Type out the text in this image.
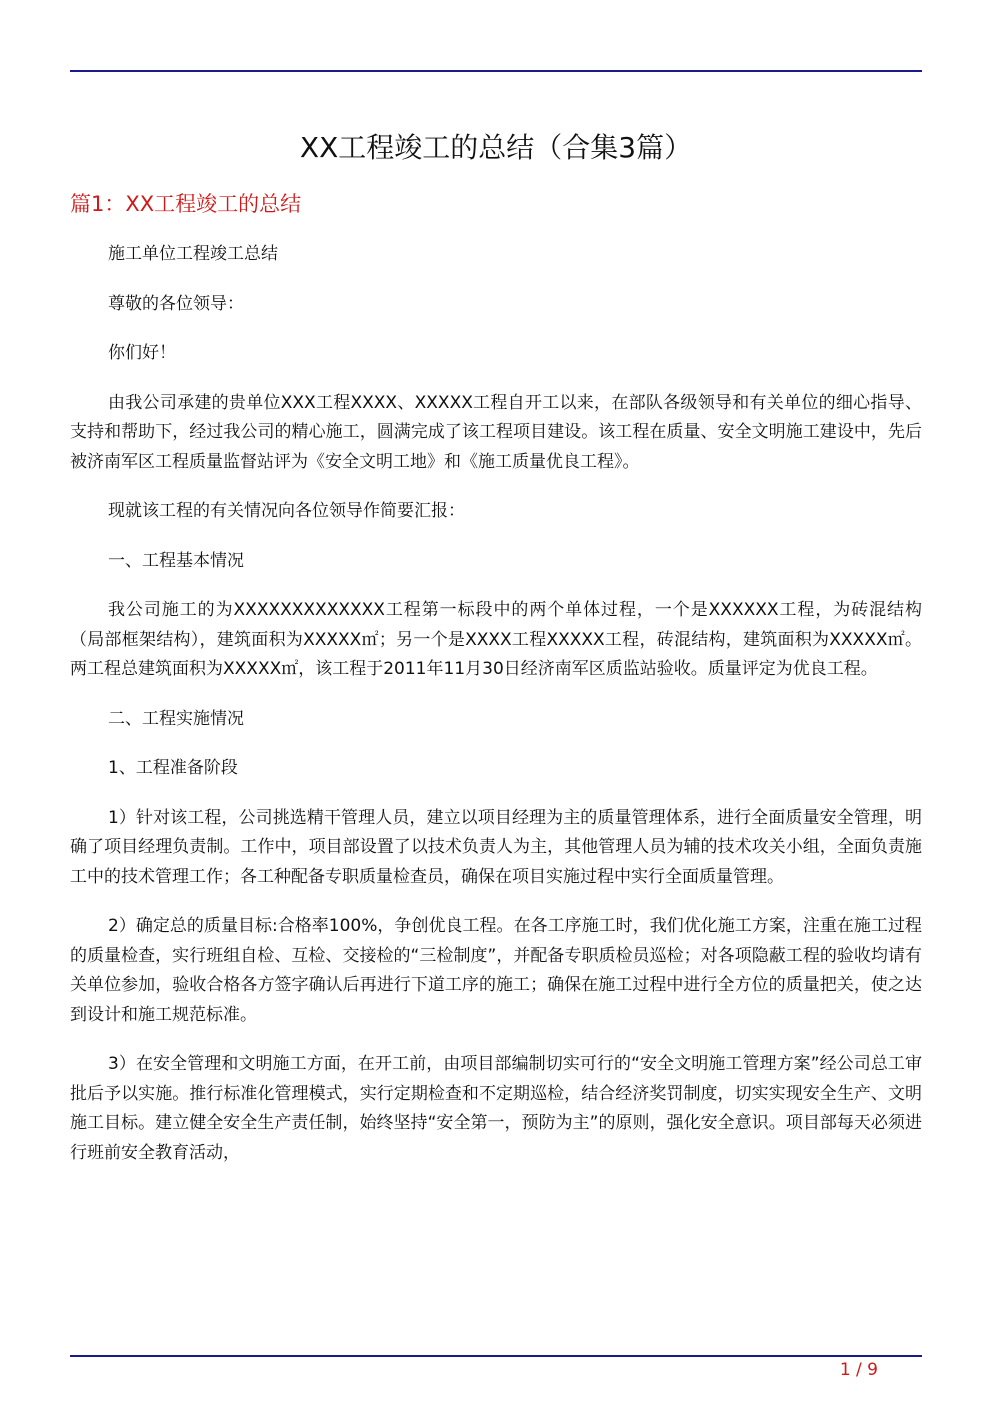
XX工程竣工的总结（合集3篇）
篇1：XX工程竣工的总结

施工单位工程竣工总结

尊敬的各位领导：

你们好！

由我公司承建的贵单位XXX工程XXXX、XXXXX工程自开工以来，在部队各级领导和有关单位的细心指导、支持和帮助下，经过我公司的精心施工，圆满完成了该工程项目建设。该工程在质量、安全文明施工建设中，先后被济南军区工程质量监督站评为《安全文明工地》和《施工质量优良工程》。

现就该工程的有关情况向各位领导作简要汇报：

一、工程基本情况

我公司施工的为XXXXXXXXXXXXX工程第一标段中的两个单体过程，一个是XXXXXX工程，为砖混结构（局部框架结构），建筑面积为XXXXX㎡；另一个是XXXX工程XXXXX工程，砖混结构，建筑面积为XXXXX㎡。两工程总建筑面积为XXXXX㎡，该工程于2011年11月30日经济南军区质监站验收。质量评定为优良工程。

二、工程实施情况

1、工程准备阶段

1）针对该工程，公司挑选精干管理人员，建立以项目经理为主的质量管理体系，进行全面质量安全管理，明确了项目经理负责制。工作中，项目部设置了以技术负责人为主，其他管理人员为辅的技术攻关小组，全面负责施工中的技术管理工作；各工种配备专职质量检查员，确保在项目实施过程中实行全面质量管理。

2）确定总的质量目标:合格率100%，争创优良工程。在各工序施工时，我们优化施工方案，注重在施工过程的质量检查，实行班组自检、互检、交接检的“三检制度”，并配备专职质检员巡检；对各项隐蔽工程的验收均请有关单位参加，验收合格各方签字确认后再进行下道工序的施工；确保在施工过程中进行全方位的质量把关，使之达到设计和施工规范标准。

3）在安全管理和文明施工方面，在开工前，由项目部编制切实可行的“安全文明施工管理方案”经公司总工审批后予以实施。推行标准化管理模式，实行定期检查和不定期巡检，结合经济奖罚制度，切实实现安全生产、文明施工目标。建立健全安全生产责任制，始终坚持“安全第一，预防为主”的原则，强化安全意识。项目部每天必须进行班前安全教育活动，

1 / 9
